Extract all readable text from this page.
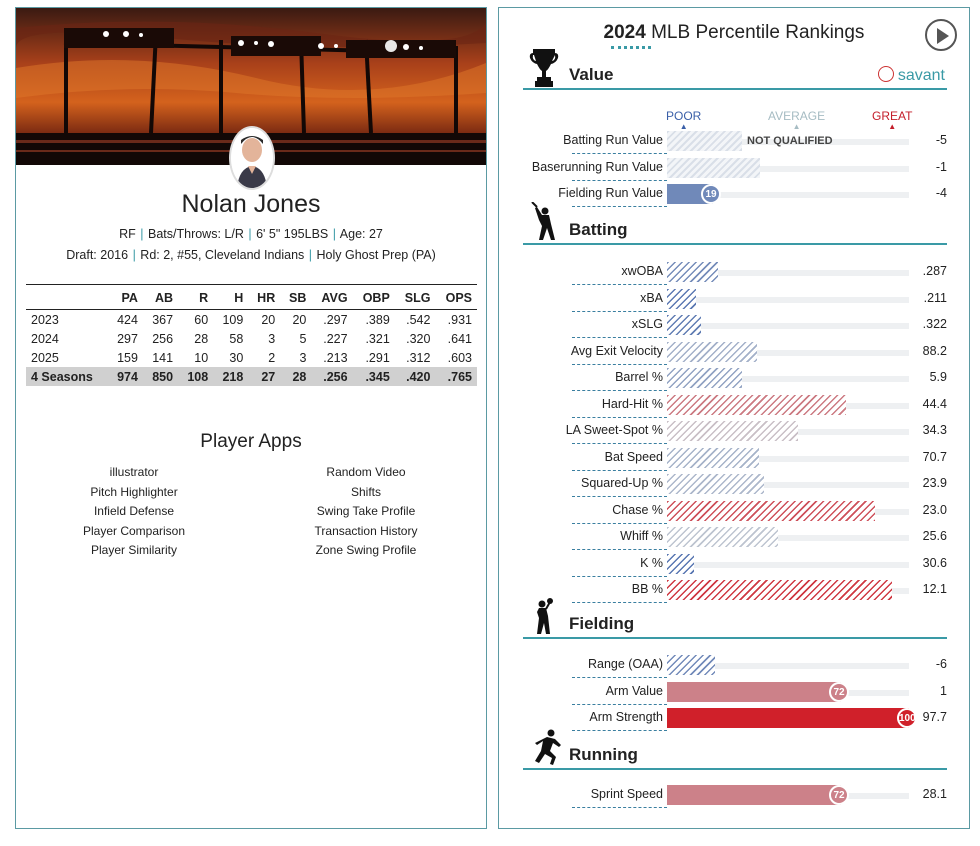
Nolan Jones
RF | Bats/Throws: L/R | 6' 5" 195LBS | Age: 27
Draft: 2016 | Rd: 2, #55, Cleveland Indians | Holy Ghost Prep (PA)
	PA	AB	R	H	HR	SB	AVG	OBP	SLG	OPS
2023	424	367	60	109	20	20	.297	.389	.542	.931
2024	297	256	28	58	3	5	.227	.321	.320	.641
2025	159	141	10	30	2	3	.213	.291	.312	.603
4 Seasons	974	850	108	218	27	28	.256	.345	.420	.765
Player Apps
illustrator
Pitch Highlighter
Infield Defense
Player Comparison
Player Similarity
Random Video
Shifts
Swing Take Profile
Transaction History
Zone Swing Profile
2024 MLB Percentile Rankings
Value	savant
POOR
▲
AVERAGE
▲
GREAT
▲
Batting Run Value	NOT QUALIFIED	-5
Baserunning Run Value	-1
Fielding Run Value	19	-4
Batting
xwOBA	.287
xBA	.211
xSLG	.322
Avg Exit Velocity	88.2
Barrel %	5.9
Hard-Hit %	44.4
LA Sweet-Spot %	34.3
Bat Speed	70.7
Squared-Up %	23.9
Chase %	23.0
Whiff %	25.6
K %	30.6
BB %	12.1
Fielding
Range (OAA)	-6
Arm Value	72	1
Arm Strength	100 97.7
Running
Sprint Speed	72	28.1
